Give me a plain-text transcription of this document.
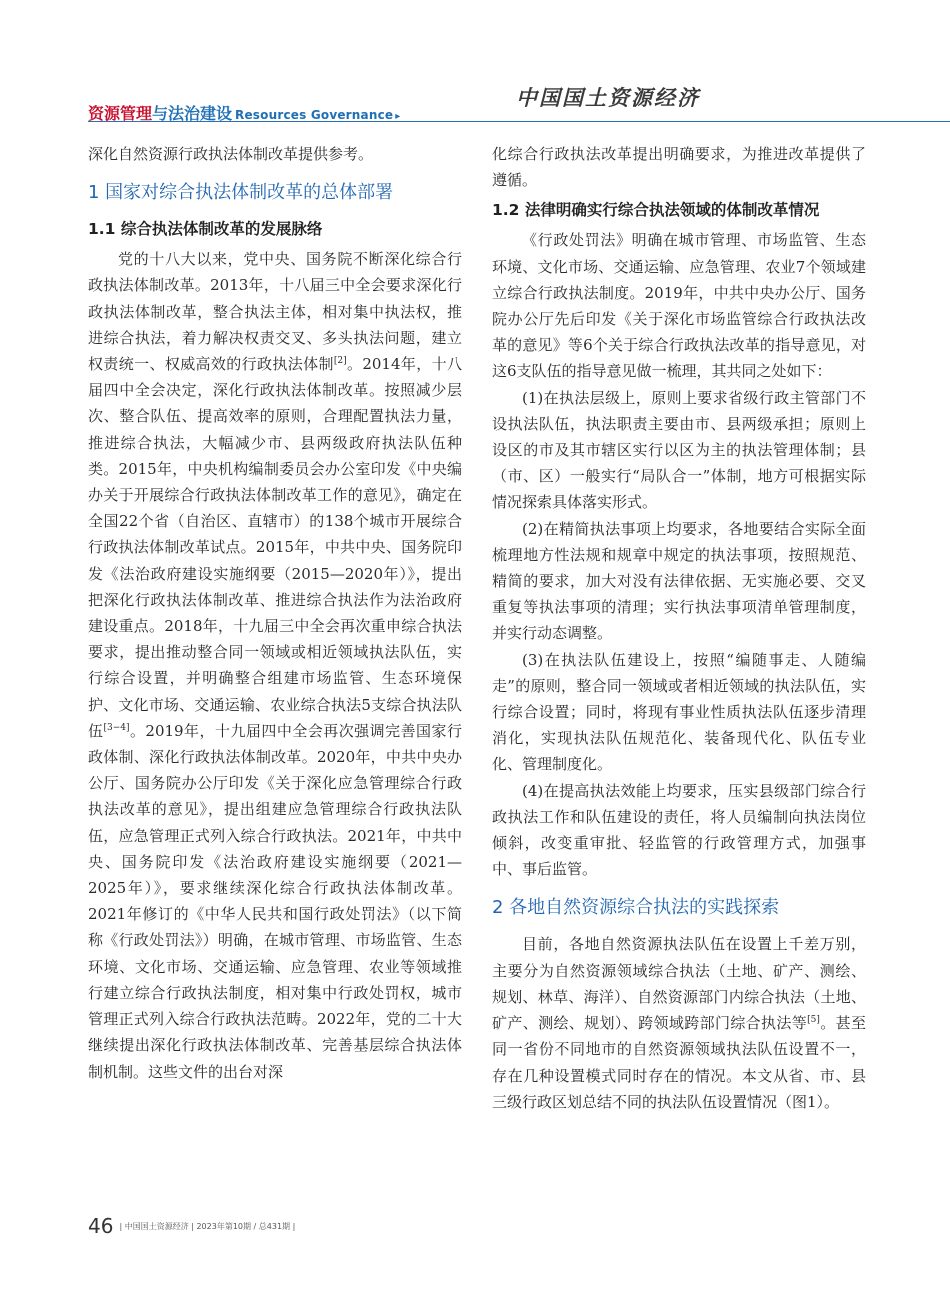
中国国土资源经济
资源管理与法治建设 Resources Governance ▸

深化自然资源行政执法体制改革提供参考。

1 国家对综合执法体制改革的总体部署
1.1 综合执法体制改革的发展脉络

党的十八大以来，党中央、国务院不断深化综合行政执法体制改革。2013年，十八届三中全会要求深化行政执法体制改革，整合执法主体，相对集中执法权，推进综合执法，着力解决权责交叉、多头执法问题，建立权责统一、权威高效的行政执法体制[2]。2014年，十八届四中全会决定，深化行政执法体制改革。按照减少层次、整合队伍、提高效率的原则，合理配置执法力量，推进综合执法，大幅减少市、县两级政府执法队伍种类。2015年，中央机构编制委员会办公室印发《中央编办关于开展综合行政执法体制改革工作的意见》，确定在全国22个省（自治区、直辖市）的138个城市开展综合行政执法体制改革试点。2015年，中共中央、国务院印发《法治政府建设实施纲要（2015—2020年）》，提出把深化行政执法体制改革、推进综合执法作为法治政府建设重点。2018年，十九届三中全会再次重申综合执法要求，提出推动整合同一领域或相近领域执法队伍，实行综合设置，并明确整合组建市场监管、生态环境保护、文化市场、交通运输、农业综合执法5支综合执法队伍[3−4]。2019年，十九届四中全会再次强调完善国家行政体制、深化行政执法体制改革。2020年，中共中央办公厅、国务院办公厅印发《关于深化应急管理综合行政执法改革的意见》，提出组建应急管理综合行政执法队伍，应急管理正式列入综合行政执法。2021年，中共中央、国务院印发《法治政府建设实施纲要（2021—2025年）》，要求继续深化综合行政执法体制改革。2021年修订的《中华人民共和国行政处罚法》（以下简称《行政处罚法》）明确，在城市管理、市场监管、生态环境、文化市场、交通运输、应急管理、农业等领域推行建立综合行政执法制度，相对集中行政处罚权，城市管理正式列入综合行政执法范畴。2022年，党的二十大继续提出深化行政执法体制改革、完善基层综合执法体制机制。这些文件的出台对深

化综合行政执法改革提出明确要求，为推进改革提供了遵循。

1.2 法律明确实行综合执法领域的体制改革情况

《行政处罚法》明确在城市管理、市场监管、生态环境、文化市场、交通运输、应急管理、农业7个领域建立综合行政执法制度。2019年，中共中央办公厅、国务院办公厅先后印发《关于深化市场监管综合行政执法改革的意见》等6个关于综合行政执法改革的指导意见，对这6支队伍的指导意见做一梳理，其共同之处如下：

(1)在执法层级上，原则上要求省级行政主管部门不设执法队伍，执法职责主要由市、县两级承担；原则上设区的市及其市辖区实行以区为主的执法管理体制；县（市、区）一般实行“局队合一”体制，地方可根据实际情况探索具体落实形式。

(2)在精简执法事项上均要求，各地要结合实际全面梳理地方性法规和规章中规定的执法事项，按照规范、精简的要求，加大对没有法律依据、无实施必要、交叉重复等执法事项的清理；实行执法事项清单管理制度，并实行动态调整。

(3)在执法队伍建设上，按照“编随事走、人随编走”的原则，整合同一领域或者相近领域的执法队伍，实行综合设置；同时，将现有事业性质执法队伍逐步清理消化，实现执法队伍规范化、装备现代化、队伍专业化、管理制度化。

(4)在提高执法效能上均要求，压实县级部门综合行政执法工作和队伍建设的责任，将人员编制向执法岗位倾斜，改变重审批、轻监管的行政管理方式，加强事中、事后监管。

2 各地自然资源综合执法的实践探索

目前，各地自然资源执法队伍在设置上千差万别，主要分为自然资源领域综合执法（土地、矿产、测绘、规划、林草、海洋）、自然资源部门内综合执法（土地、矿产、测绘、规划）、跨领域跨部门综合执法等[5]。甚至同一省份不同地市的自然资源领域执法队伍设置不一，存在几种设置模式同时存在的情况。本文从省、市、县三级行政区划总结不同的执法队伍设置情况（图1）。

46 | 中国国土资源经济 | 2023年第10期 / 总431期 |
